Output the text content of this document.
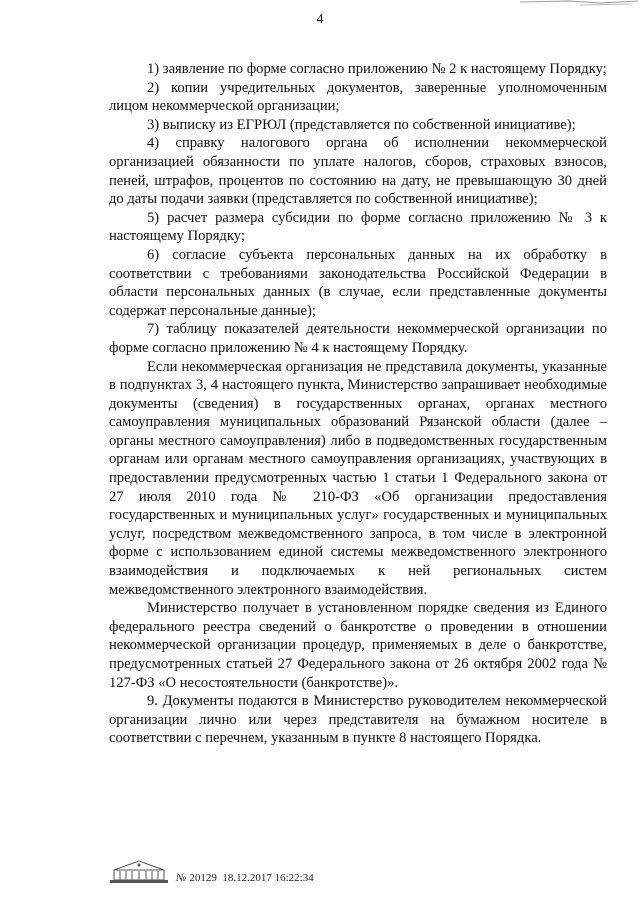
4

1) заявление по форме согласно приложению № 2 к настоящему Порядку;

2) копии учредительных документов, заверенные уполномоченным лицом некоммерческой организации;

3) выписку из ЕГРЮЛ (представляется по собственной инициативе);

4) справку налогового органа об исполнении некоммерческой организацией обязанности по уплате налогов, сборов, страховых взносов, пеней, штрафов, процентов по состоянию на дату, не превышающую 30 дней до даты подачи заявки (представляется по собственной инициативе);

5) расчет размера субсидии по форме согласно приложению № 3 к настоящему Порядку;

6) согласие субъекта персональных данных на их обработку в соответствии с требованиями законодательства Российской Федерации в области персональных данных (в случае, если представленные документы содержат персональные данные);

7) таблицу показателей деятельности некоммерческой организации по форме согласно приложению № 4 к настоящему Порядку.

Если некоммерческая организация не представила документы, указанные в подпунктах 3, 4 настоящего пункта, Министерство запрашивает необходимые документы (сведения) в государственных органах, органах местного самоуправления муниципальных образований Рязанской области (далее – органы местного самоуправления) либо в подведомственных государственным органам или органам местного самоуправления организациях, участвующих в предоставлении предусмотренных частью 1 статьи 1 Федерального закона от 27 июля 2010 года № 210-ФЗ «Об организации предоставления государственных и муниципальных услуг» государственных и муниципальных услуг, посредством межведомственного запроса, в том числе в электронной форме с использованием единой системы межведомственного электронного взаимодействия и подключаемых к ней региональных систем межведомственного электронного взаимодействия.

Министерство получает в установленном порядке сведения из Единого федерального реестра сведений о банкротстве о проведении в отношении некоммерческой организации процедур, применяемых в деле о банкротстве, предусмотренных статьей 27 Федерального закона от 26 октября 2002 года № 127-ФЗ «О несостоятельности (банкротстве)».

9. Документы подаются в Министерство руководителем некоммерческой организации лично или через представителя на бумажном носителе в соответствии с перечнем, указанным в пункте 8 настоящего Порядка.

№ 20129 18.12.2017 16:22:34
